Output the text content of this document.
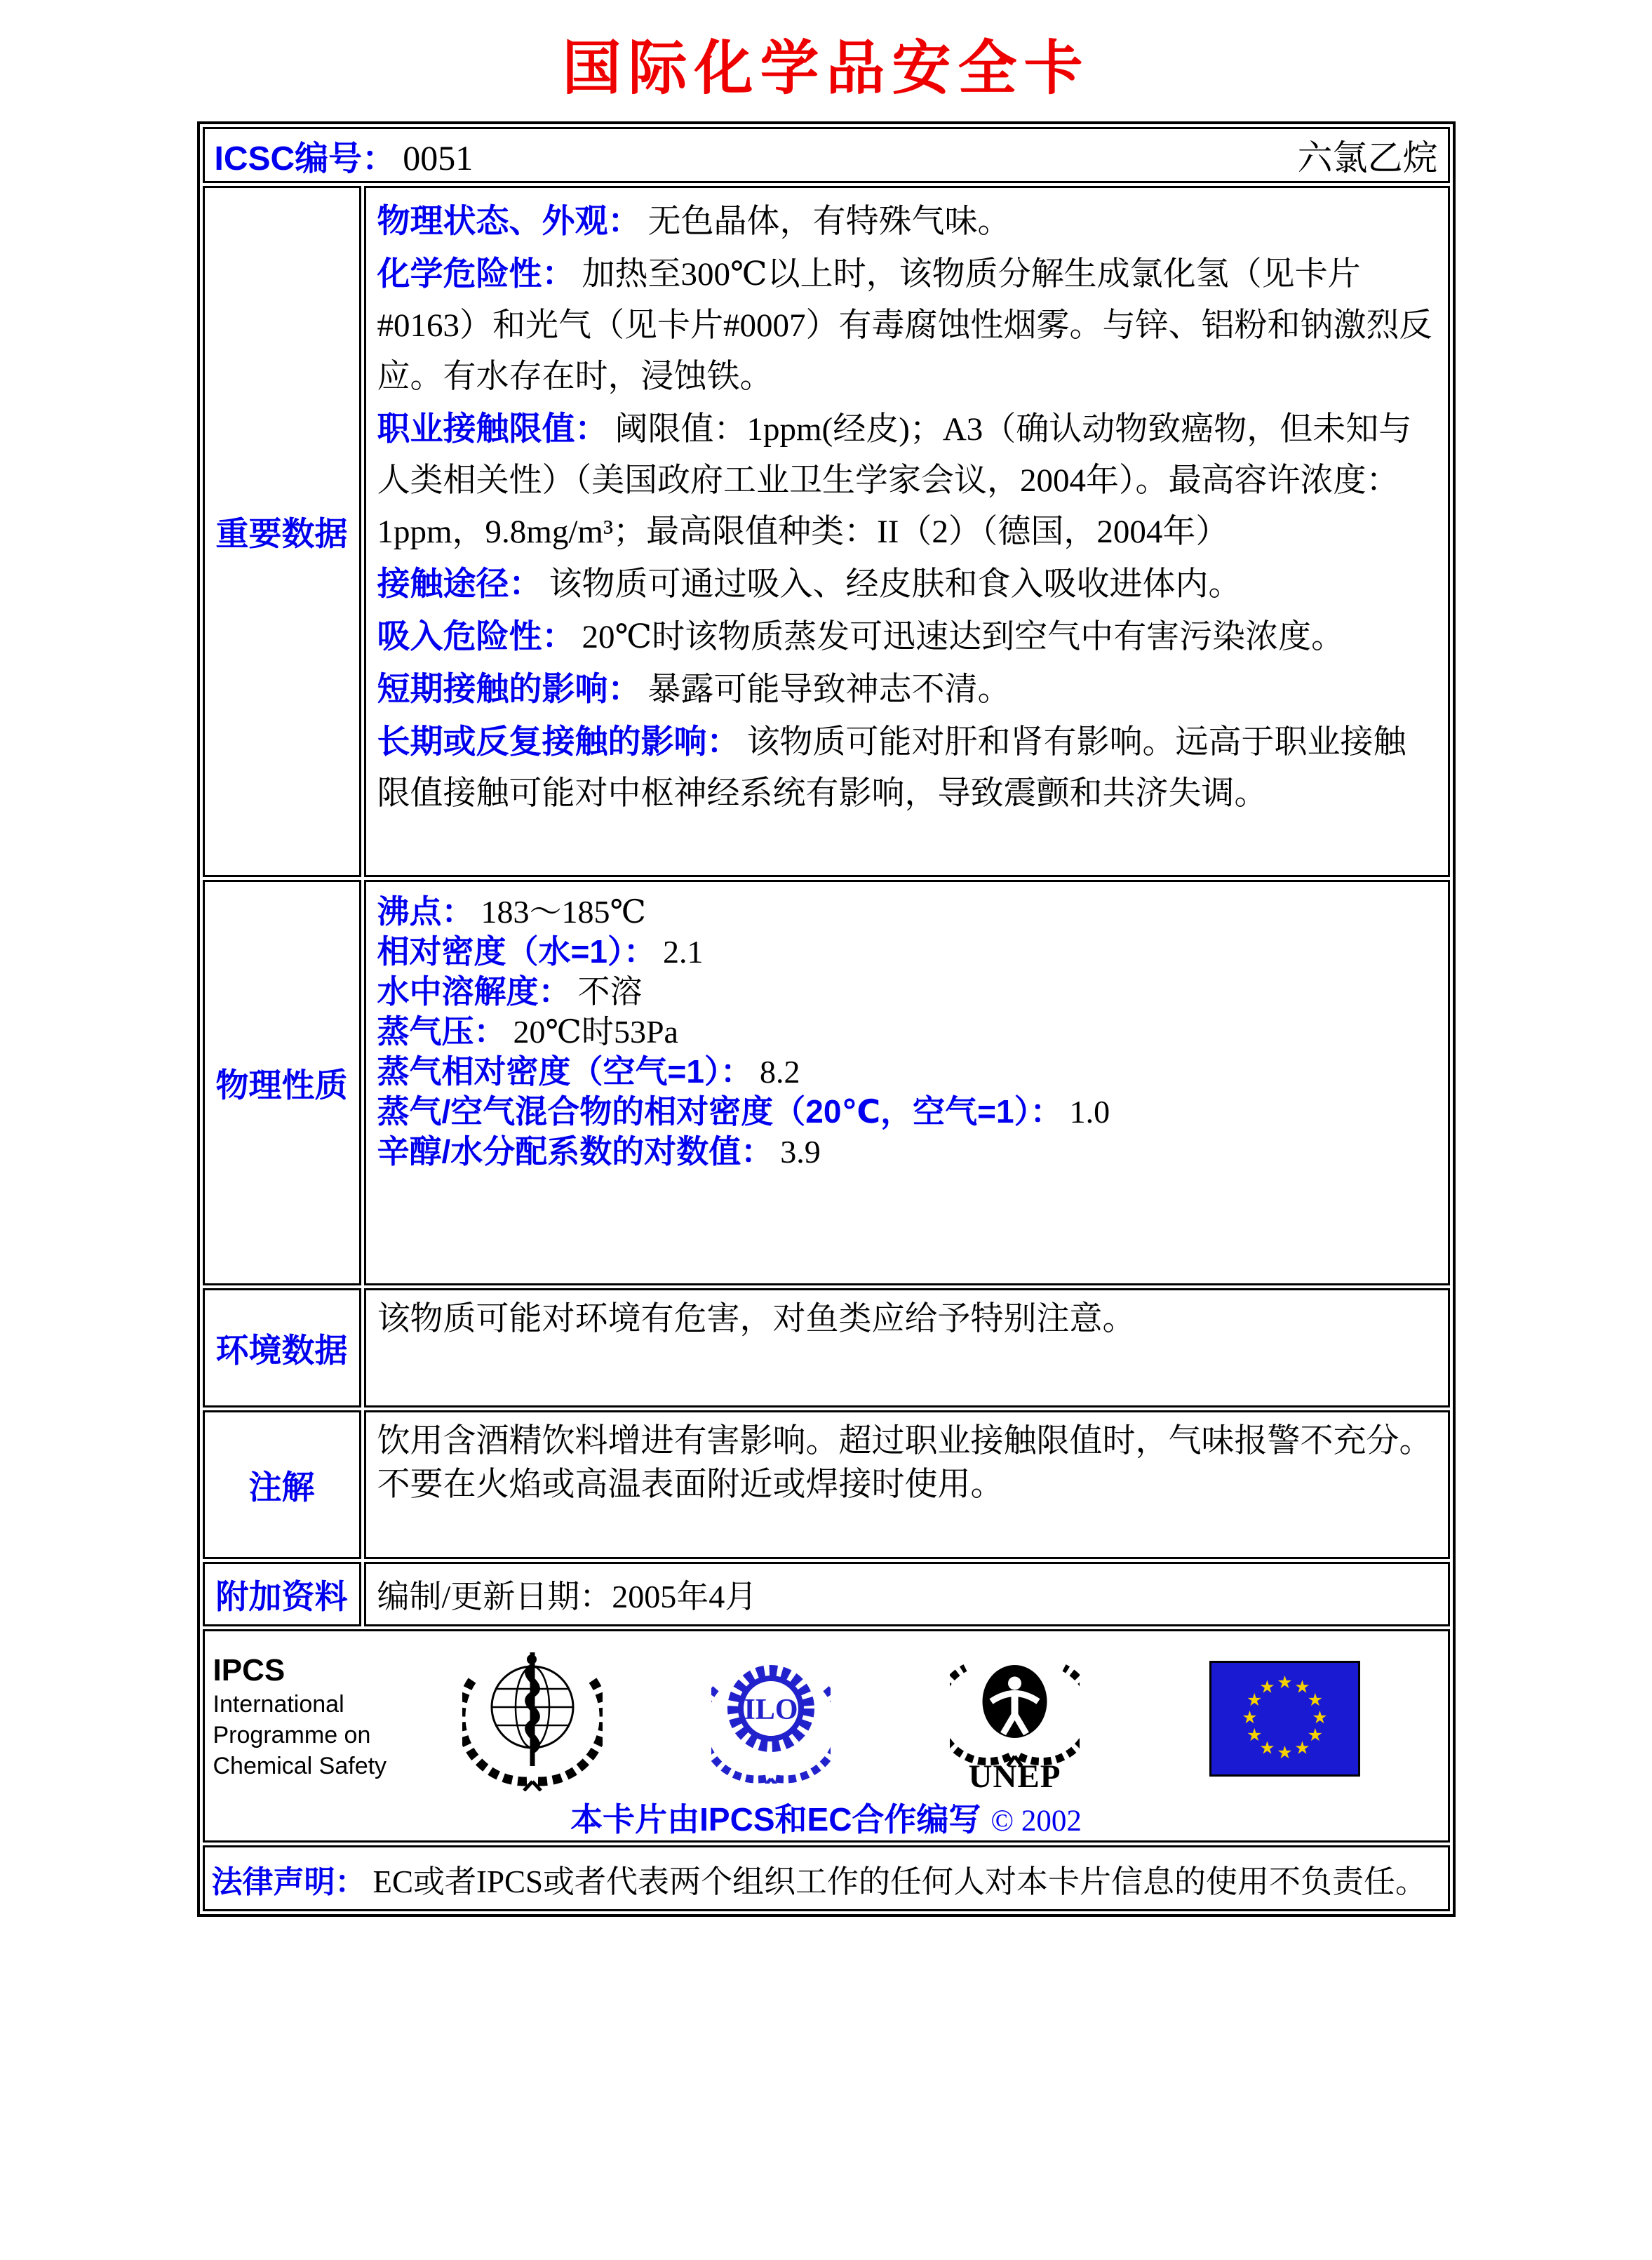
国际化学品安全卡
ICSC编号： 0051	六氯乙烷
重要数据

物理状态、外观： 无色晶体，有特殊气味。

化学危险性： 加热至300℃以上时，该物质分解生成氯化氢（见卡片#0163）和光气（见卡片#0007）有毒腐蚀性烟雾。与锌、铝粉和钠激烈反应。有水存在时，浸蚀铁。

职业接触限值： 阈限值：1ppm(经皮)；A3（确认动物致癌物，但未知与人类相关性）（美国政府工业卫生学家会议，2004年）。最高容许浓度：1ppm，9.8mg/m³；最高限值种类：II（2）（德国，2004年）

接触途径： 该物质可通过吸入、经皮肤和食入吸收进体内。

吸入危险性： 20℃时该物质蒸发可迅速达到空气中有害污染浓度。

短期接触的影响： 暴露可能导致神志不清。

长期或反复接触的影响： 该物质可能对肝和肾有影响。远高于职业接触限值接触可能对中枢神经系统有影响，导致震颤和共济失调。

物理性质

沸点： 183～185℃

相对密度（水=1）： 2.1

水中溶解度： 不溶

蒸气压： 20℃时53Pa

蒸气相对密度（空气=1）： 8.2

蒸气/空气混合物的相对密度（20℃，空气=1）： 1.0

辛醇/水分配系数的对数值： 3.9

环境数据
该物质可能对环境有危害，对鱼类应给予特别注意。
注解
饮用含酒精饮料增进有害影响。超过职业接触限值时，气味报警不充分。不要在火焰或高温表面附近或焊接时使用。
附加资料 编制/更新日期：2005年4月
IPCS
International
Programme on
Chemical Safety
ILO
UNEP
★ ★
★
★
★
★
★
★
★
★
★
★
本卡片由IPCS和EC合作编写 © 2002
法律声明： EC或者IPCS或者代表两个组织工作的任何人对本卡片信息的使用不负责任。
